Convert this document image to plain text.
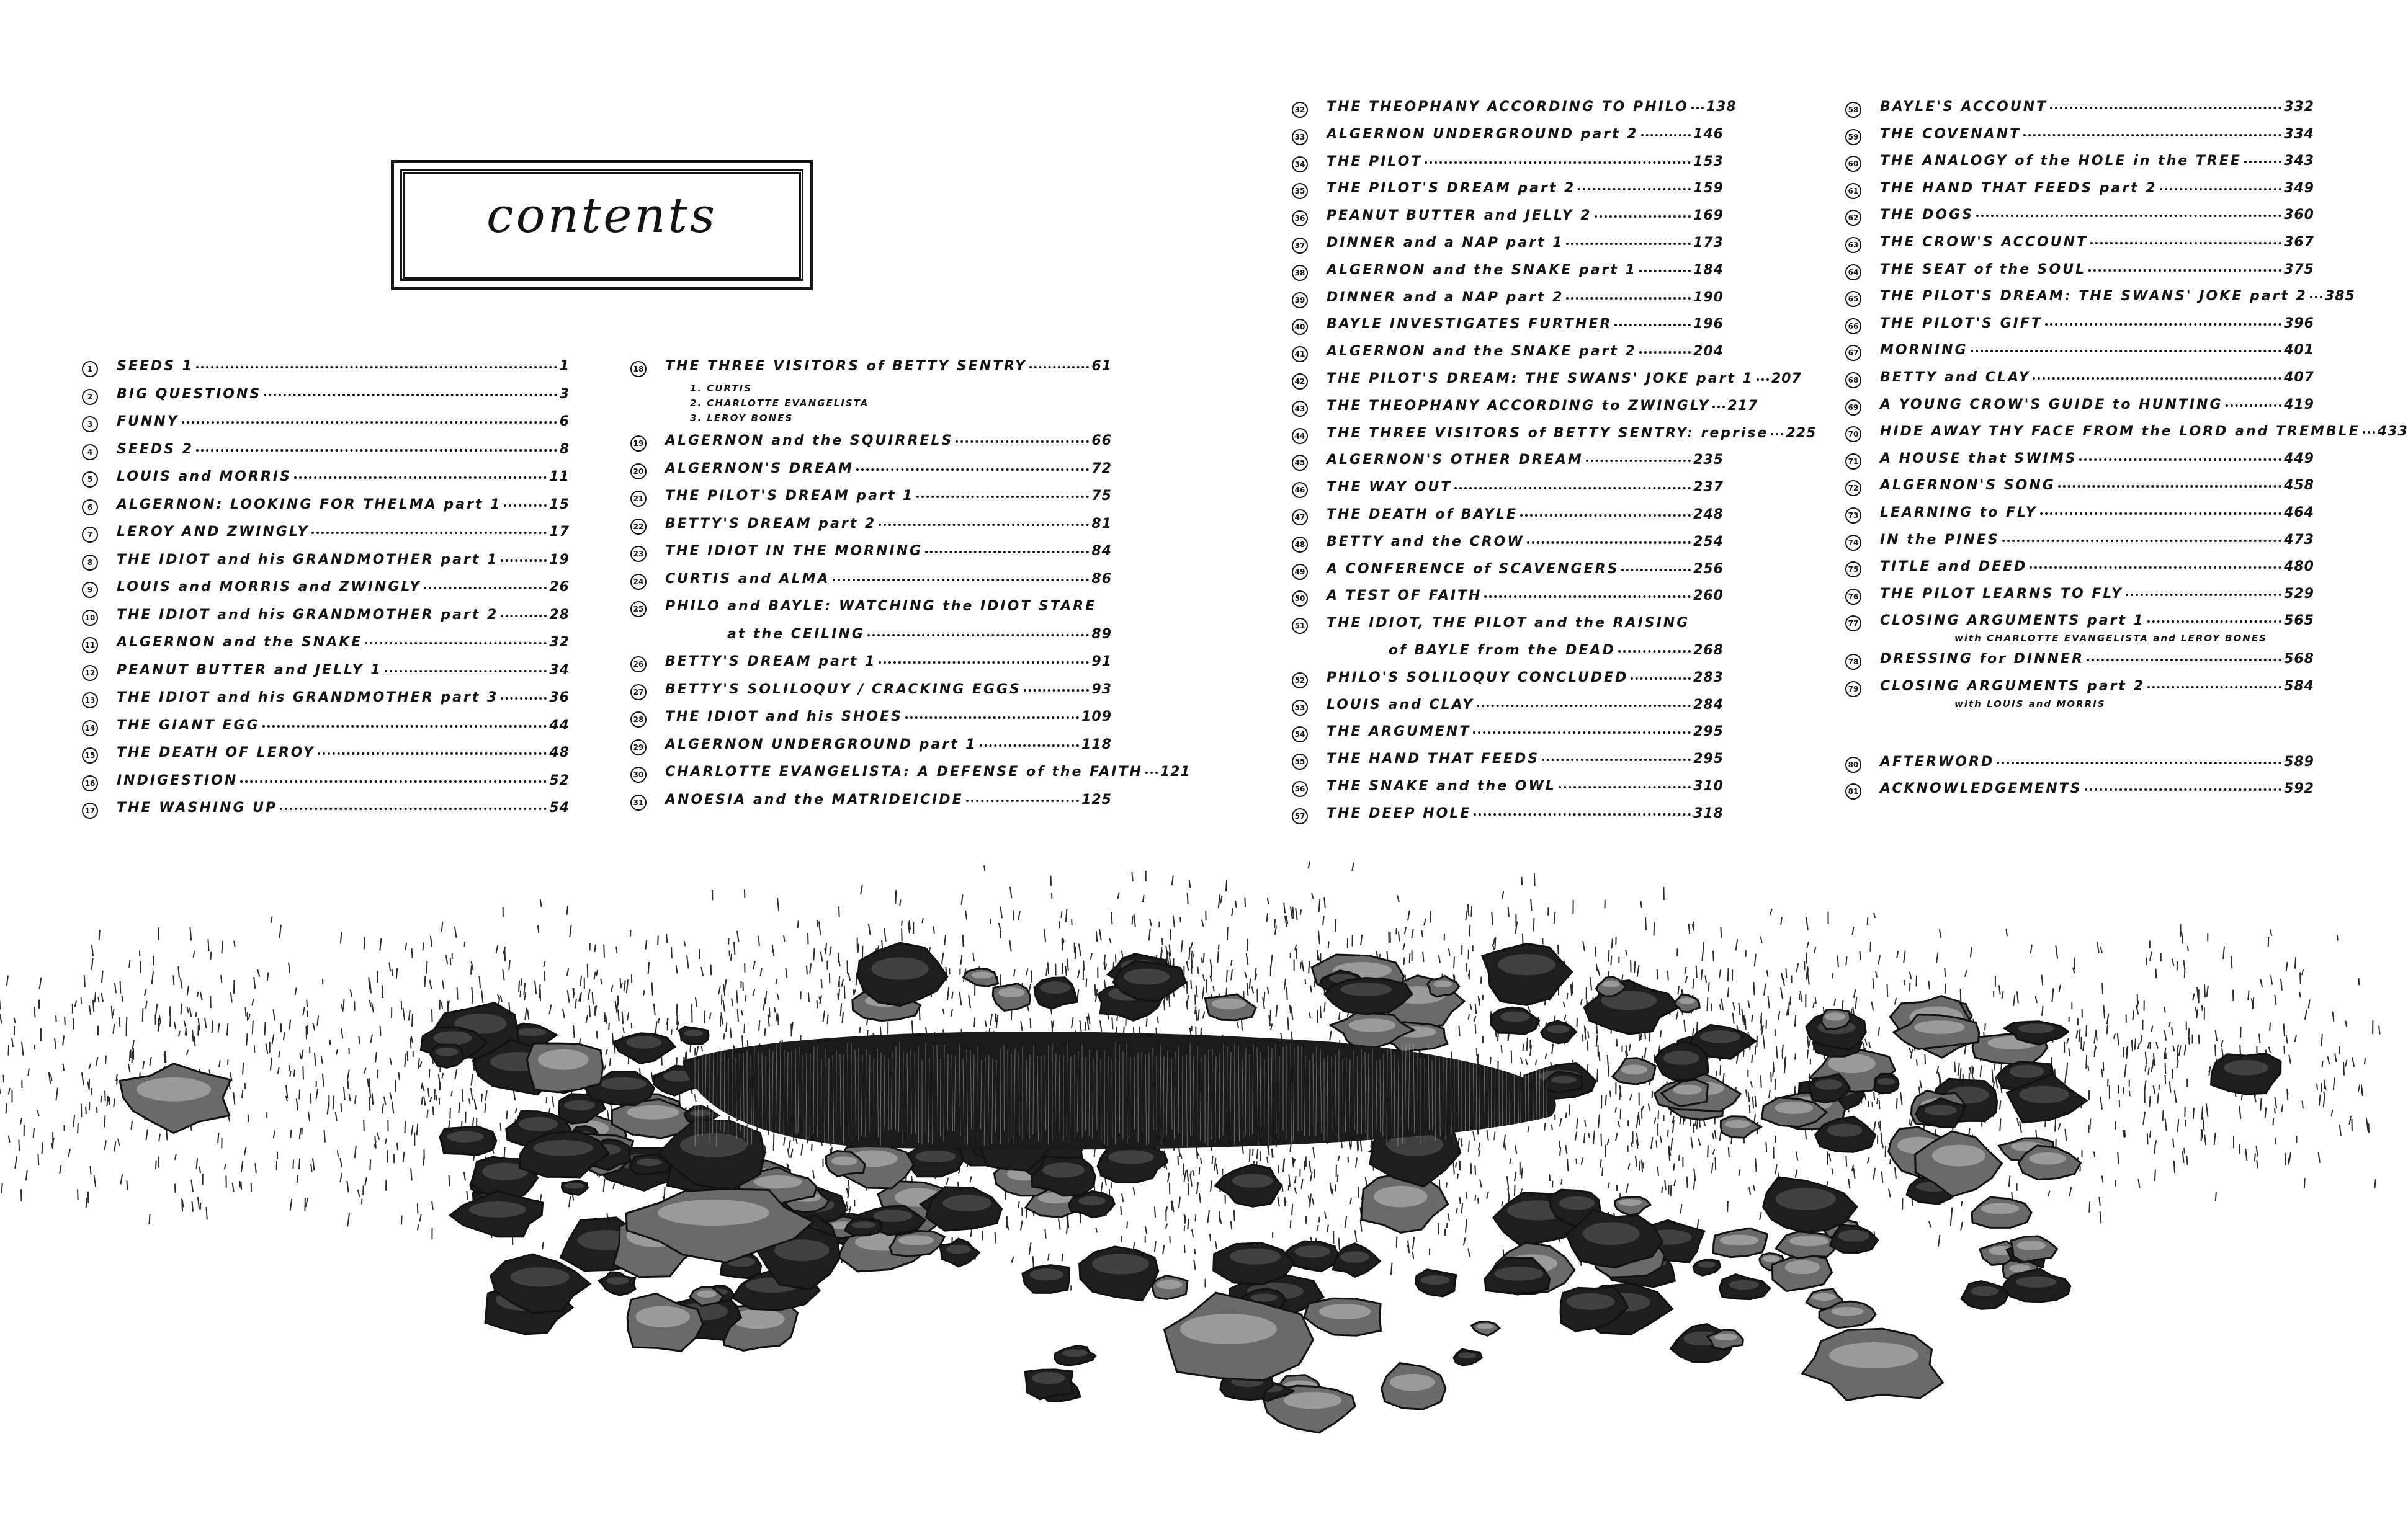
contents
1	SEEDS 1	1
2	BIG QUESTIONS	3
3	FUNNY	6
4	SEEDS 2	8
5	LOUIS and MORRIS	11
6	ALGERNON: LOOKING FOR THELMA part 1	15
7	LEROY AND ZWINGLY	17
8	THE IDIOT and his GRANDMOTHER part 1	19
9	LOUIS and MORRIS and ZWINGLY	26
10 THE IDIOT and his GRANDMOTHER part 2	28
11 ALGERNON and the SNAKE	32
12 PEANUT BUTTER and JELLY 1	34
13 THE IDIOT and his GRANDMOTHER part 3	36
14 THE GIANT EGG	44
15 THE DEATH OF LEROY	48
16 INDIGESTION	52
17 THE WASHING UP	54
18 THE THREE VISITORS of BETTY SENTRY	61
1. CURTIS
2. CHARLOTTE EVANGELISTA
3. LEROY BONES
19 ALGERNON and the SQUIRRELS	66
20 ALGERNON'S DREAM	72
21 THE PILOT'S DREAM part 1	75
22 BETTY'S DREAM part 2	81
23 THE IDIOT IN THE MORNING	84
24 CURTIS and ALMA	86
25 PHILO and BAYLE: WATCHING the IDIOT STARE
at the CEILING	89
26 BETTY'S DREAM part 1	91
27 BETTY'S SOLILOQUY / CRACKING EGGS	93
28 THE IDIOT and his SHOES	109
29 ALGERNON UNDERGROUND part 1	118
30 CHARLOTTE EVANGELISTA: A DEFENSE of the FAITH 121
31 ANOESIA and the MATRIDEICIDE	125
32 THE THEOPHANY ACCORDING TO PHILO 138
33 ALGERNON UNDERGROUND part 2	146
34 THE PILOT	153
35 THE PILOT'S DREAM part 2	159
36 PEANUT BUTTER and JELLY 2	169
37 DINNER and a NAP part 1	173
38 ALGERNON and the SNAKE part 1	184
39 DINNER and a NAP part 2	190
40 BAYLE INVESTIGATES FURTHER	196
41 ALGERNON and the SNAKE part 2	204
42 THE PILOT'S DREAM: THE SWANS' JOKE part 1 207
43 THE THEOPHANY ACCORDING to ZWINGLY 217
44 THE THREE VISITORS of BETTY SENTRY: reprise 225
45 ALGERNON'S OTHER DREAM	235
46 THE WAY OUT	237
47 THE DEATH of BAYLE	248
48 BETTY and the CROW	254
49 A CONFERENCE of SCAVENGERS	256
50 A TEST OF FAITH	260
51 THE IDIOT, THE PILOT and the RAISING
of BAYLE from the DEAD	268
52 PHILO'S SOLILOQUY CONCLUDED	283
53 LOUIS and CLAY	284
54 THE ARGUMENT	295
55 THE HAND THAT FEEDS	295
56 THE SNAKE and the OWL	310
57 THE DEEP HOLE	318
58 BAYLE'S ACCOUNT	332
59 THE COVENANT	334
60 THE ANALOGY of the HOLE in the TREE	343
61 THE HAND THAT FEEDS part 2	349
62 THE DOGS	360
63 THE CROW'S ACCOUNT	367
64 THE SEAT of the SOUL	375
65 THE PILOT'S DREAM: THE SWANS' JOKE part 2 385
66 THE PILOT'S GIFT	396
67 MORNING	401
68 BETTY and CLAY	407
69 A YOUNG CROW'S GUIDE to HUNTING	419
70 HIDE AWAY THY FACE FROM the LORD and TREMBLE 433
71 A HOUSE that SWIMS	449
72 ALGERNON'S SONG	458
73 LEARNING to FLY	464
74 IN the PINES	473
75 TITLE and DEED	480
76 THE PILOT LEARNS TO FLY	529
77 CLOSING ARGUMENTS part 1	565
with CHARLOTTE EVANGELISTA and LEROY BONES
78 DRESSING for DINNER	568
79 CLOSING ARGUMENTS part 2	584
with LOUIS and MORRIS
80 AFTERWORD	589
81 ACKNOWLEDGEMENTS	592
